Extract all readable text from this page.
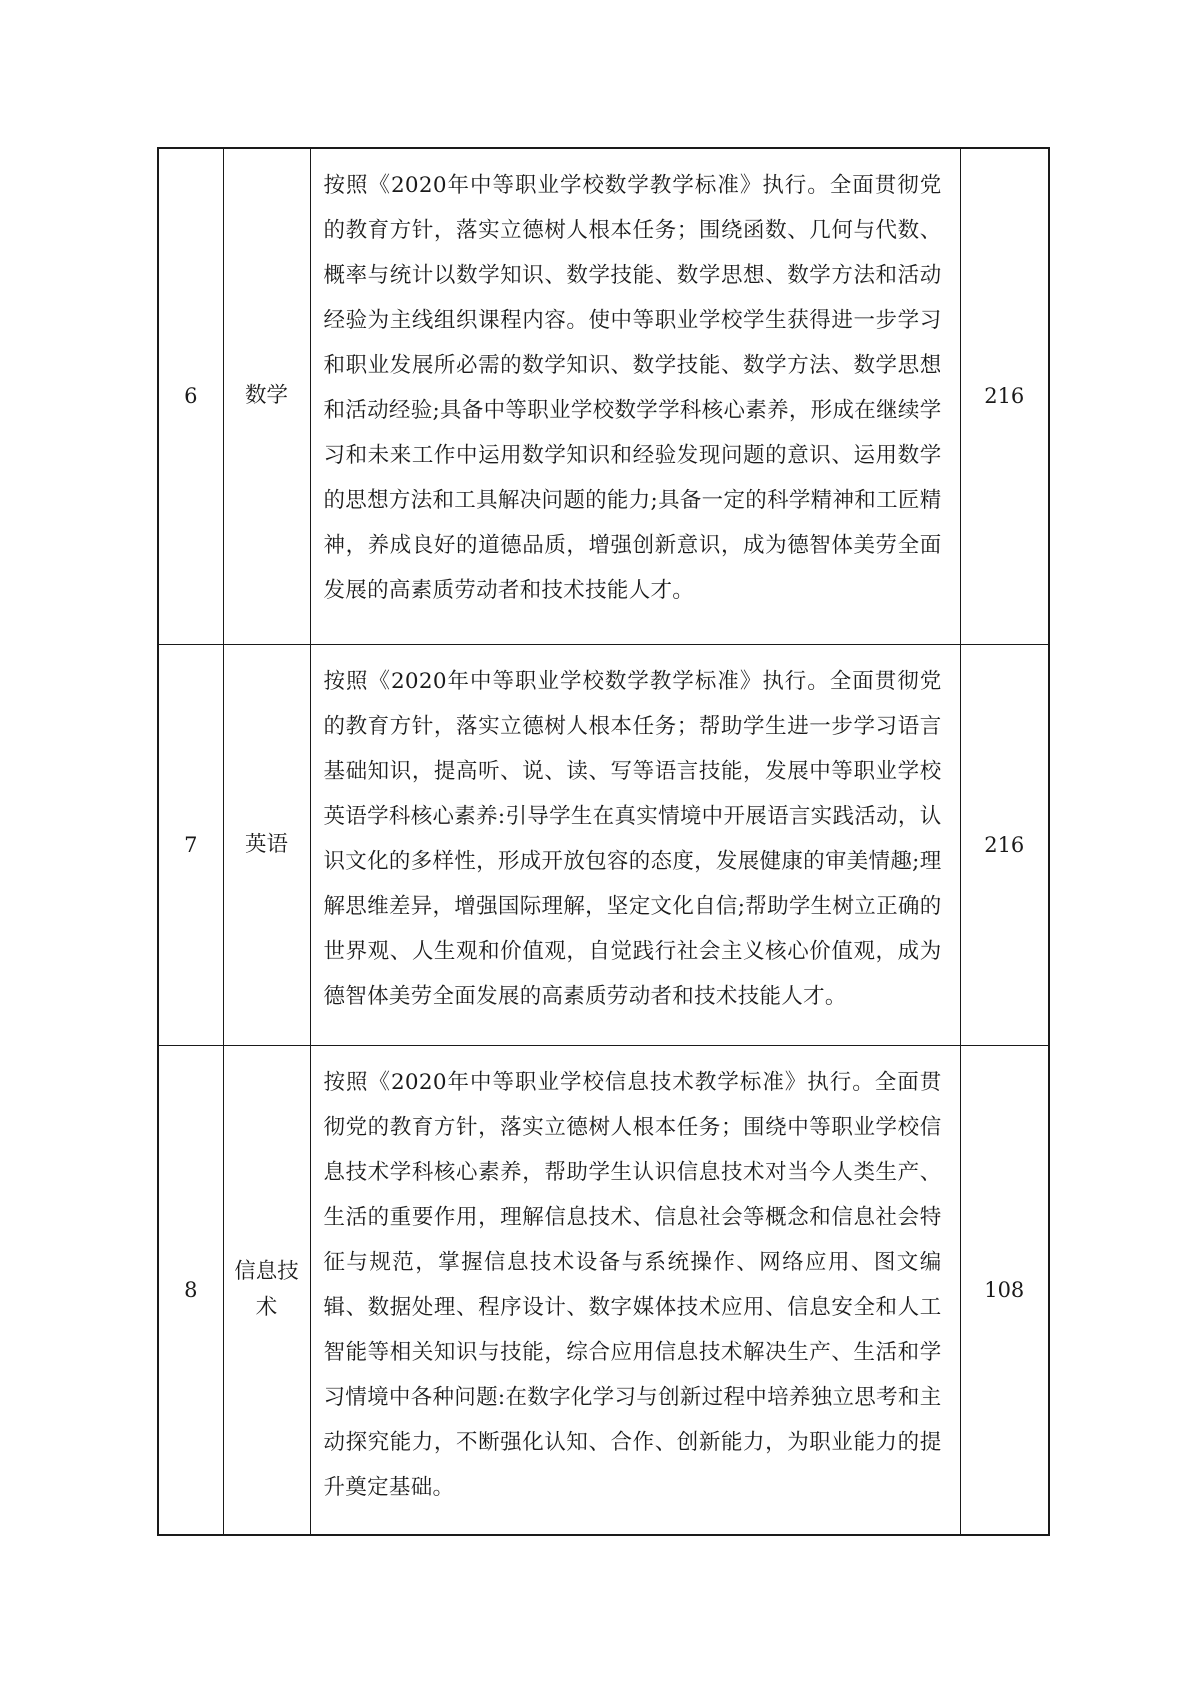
6	数学	按照《2020年中等职业学校数学教学标准》执行。全面贯彻党的教育方针，落实立德树人根本任务；围绕函数、几何与代数、概率与统计以数学知识、数学技能、数学思想、数学方法和活动经验为主线组织课程内容。使中等职业学校学生获得进一步学习和职业发展所必需的数学知识、数学技能、数学方法、数学思想和活动经验;具备中等职业学校数学学科核心素养，形成在继续学习和未来工作中运用数学知识和经验发现问题的意识、运用数学的思想方法和工具解决问题的能力;具备一定的科学精神和工匠精神，养成良好的道德品质，增强创新意识，成为德智体美劳全面发展的高素质劳动者和技术技能人才。	216
7	英语	按照《2020年中等职业学校数学教学标准》执行。全面贯彻党的教育方针，落实立德树人根本任务；帮助学生进一步学习语言基础知识，提高听、说、读、写等语言技能，发展中等职业学校英语学科核心素养:引导学生在真实情境中开展语言实践活动，认识文化的多样性，形成开放包容的态度，发展健康的审美情趣;理解思维差异，增强国际理解，坚定文化自信;帮助学生树立正确的世界观、人生观和价值观，自觉践行社会主义核心价值观，成为德智体美劳全面发展的高素质劳动者和技术技能人才。	216
8	信息技术	按照《2020年中等职业学校信息技术教学标准》执行。全面贯彻党的教育方针，落实立德树人根本任务；围绕中等职业学校信息技术学科核心素养，帮助学生认识信息技术对当今人类生产、生活的重要作用，理解信息技术、信息社会等概念和信息社会特征与规范，掌握信息技术设备与系统操作、网络应用、图文编辑、数据处理、程序设计、数字媒体技术应用、信息安全和人工智能等相关知识与技能，综合应用信息技术解决生产、生活和学习情境中各种问题:在数字化学习与创新过程中培养独立思考和主动探究能力，不断强化认知、合作、创新能力，为职业能力的提升奠定基础。	108
